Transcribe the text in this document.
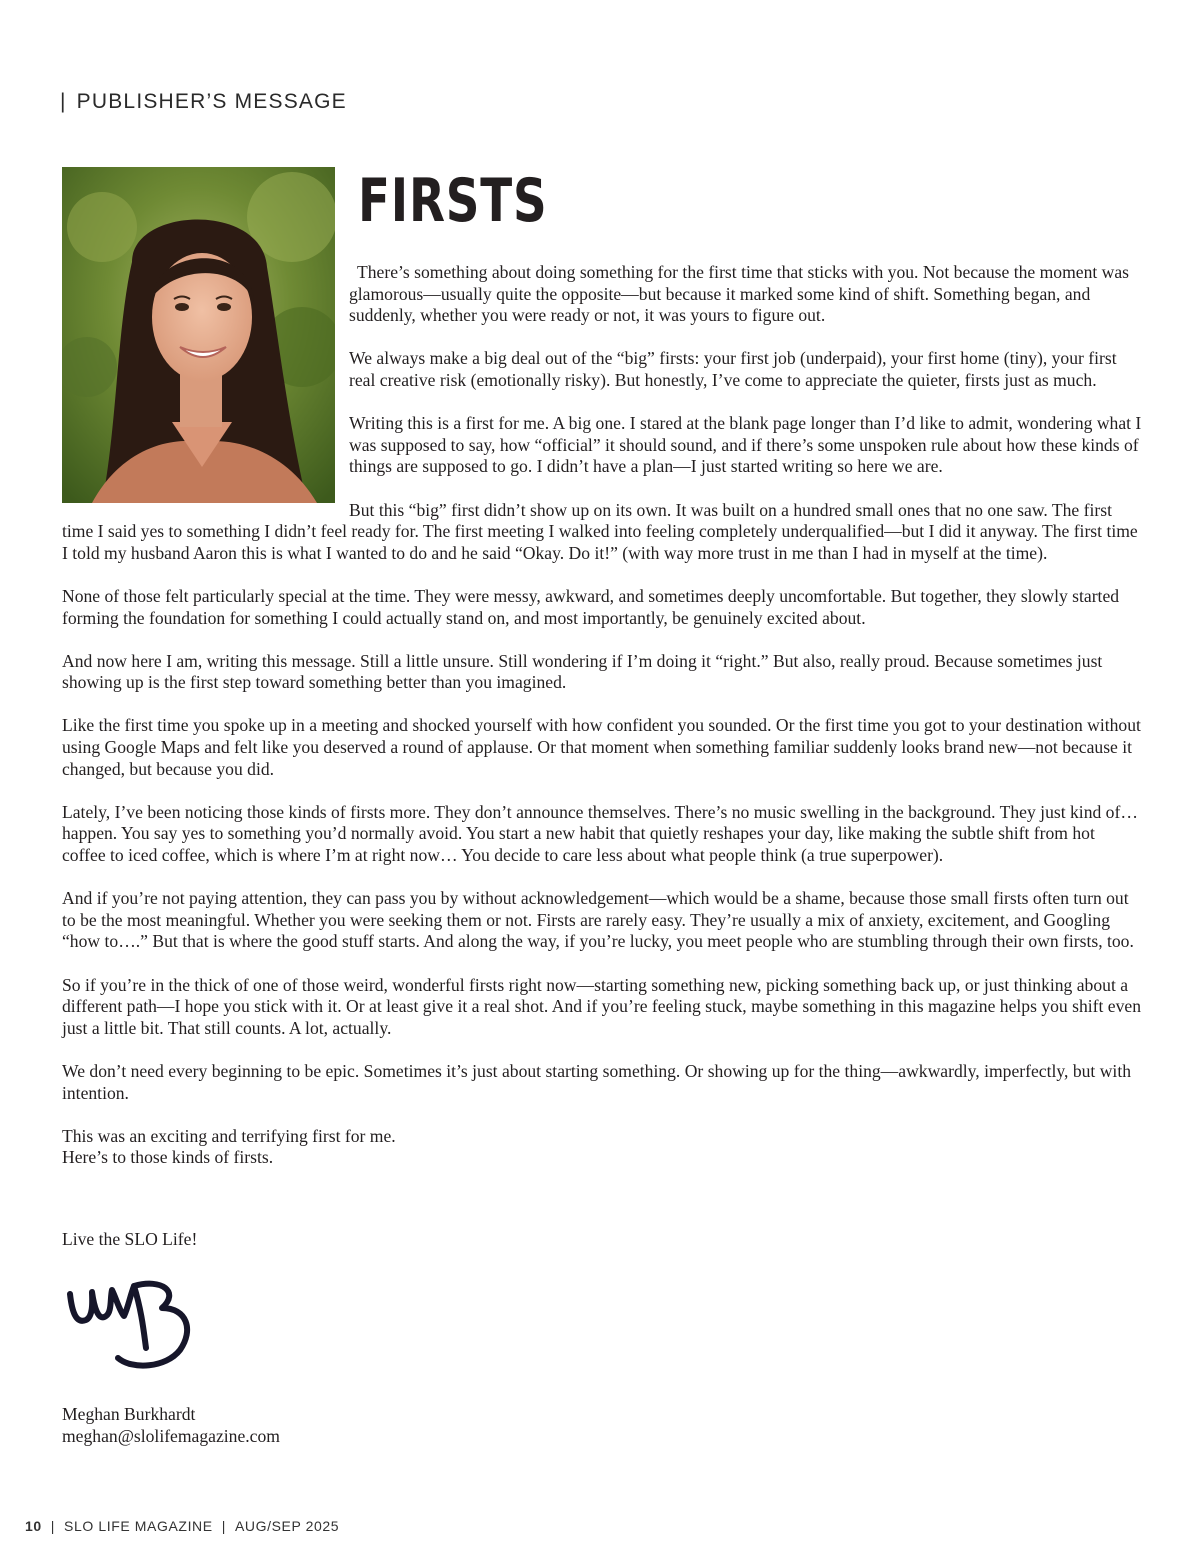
| PUBLISHER’S MESSAGE
FIRSTS

There’s something about doing something for the first time that sticks with you. Not because the moment was glamorous—usually quite the opposite—but because it marked some kind of shift. Something began, and suddenly, whether you were ready or not, it was yours to figure out.

We always make a big deal out of the “big” firsts: your first job (underpaid), your first home (tiny), your first real creative risk (emotionally risky). But honestly, I’ve come to appreciate the quieter, firsts just as much.

Writing this is a first for me. A big one. I stared at the blank page longer than I’d like to admit, wondering what I was supposed to say, how “official” it should sound, and if there’s some unspoken rule about how these kinds of things are supposed to go. I didn’t have a plan—I just started writing so here we are.

But this “big” first didn’t show up on its own. It was built on a hundred small ones that no one saw. The first time I said yes to something I didn’t feel ready for. The first meeting I walked into feeling completely underqualified—but I did it anyway. The first time I told my husband Aaron this is what I wanted to do and he said “Okay. Do it!” (with way more trust in me than I had in myself at the time).

None of those felt particularly special at the time. They were messy, awkward, and sometimes deeply uncomfortable. But together, they slowly started forming the foundation for something I could actually stand on, and most importantly, be genuinely excited about.

And now here I am, writing this message. Still a little unsure. Still wondering if I’m doing it “right.” But also, really proud. Because sometimes just showing up is the first step toward something better than you imagined.

Like the first time you spoke up in a meeting and shocked yourself with how confident you sounded. Or the first time you got to your destination without using Google Maps and felt like you deserved a round of applause. Or that moment when something familiar suddenly looks brand new—not because it changed, but because you did.

Lately, I’ve been noticing those kinds of firsts more. They don’t announce themselves. There’s no music swelling in the background. They just kind of… happen. You say yes to something you’d normally avoid. You start a new habit that quietly reshapes your day, like making the subtle shift from hot coffee to iced coffee, which is where I’m at right now… You decide to care less about what people think (a true superpower).

And if you’re not paying attention, they can pass you by without acknowledgement—which would be a shame, because those small firsts often turn out to be the most meaningful. Whether you were seeking them or not. Firsts are rarely easy. They’re usually a mix of anxiety, excitement, and Googling “how to….” But that is where the good stuff starts. And along the way, if you’re lucky, you meet people who are stumbling through their own firsts, too.

So if you’re in the thick of one of those weird, wonderful firsts right now—starting something new, picking something back up, or just thinking about a different path—I hope you stick with it. Or at least give it a real shot. And if you’re feeling stuck, maybe something in this magazine helps you shift even just a little bit. That still counts. A lot, actually.

We don’t need every beginning to be epic. Sometimes it’s just about starting something. Or showing up for the thing—awkwardly, imperfectly, but with intention.

This was an exciting and terrifying first for me.
Here’s to those kinds of firsts.

Live the SLO Life!
Meghan Burkhardt
meghan@slolifemagazine.com
10 | SLO LIFE MAGAZINE | AUG/SEP 2025
